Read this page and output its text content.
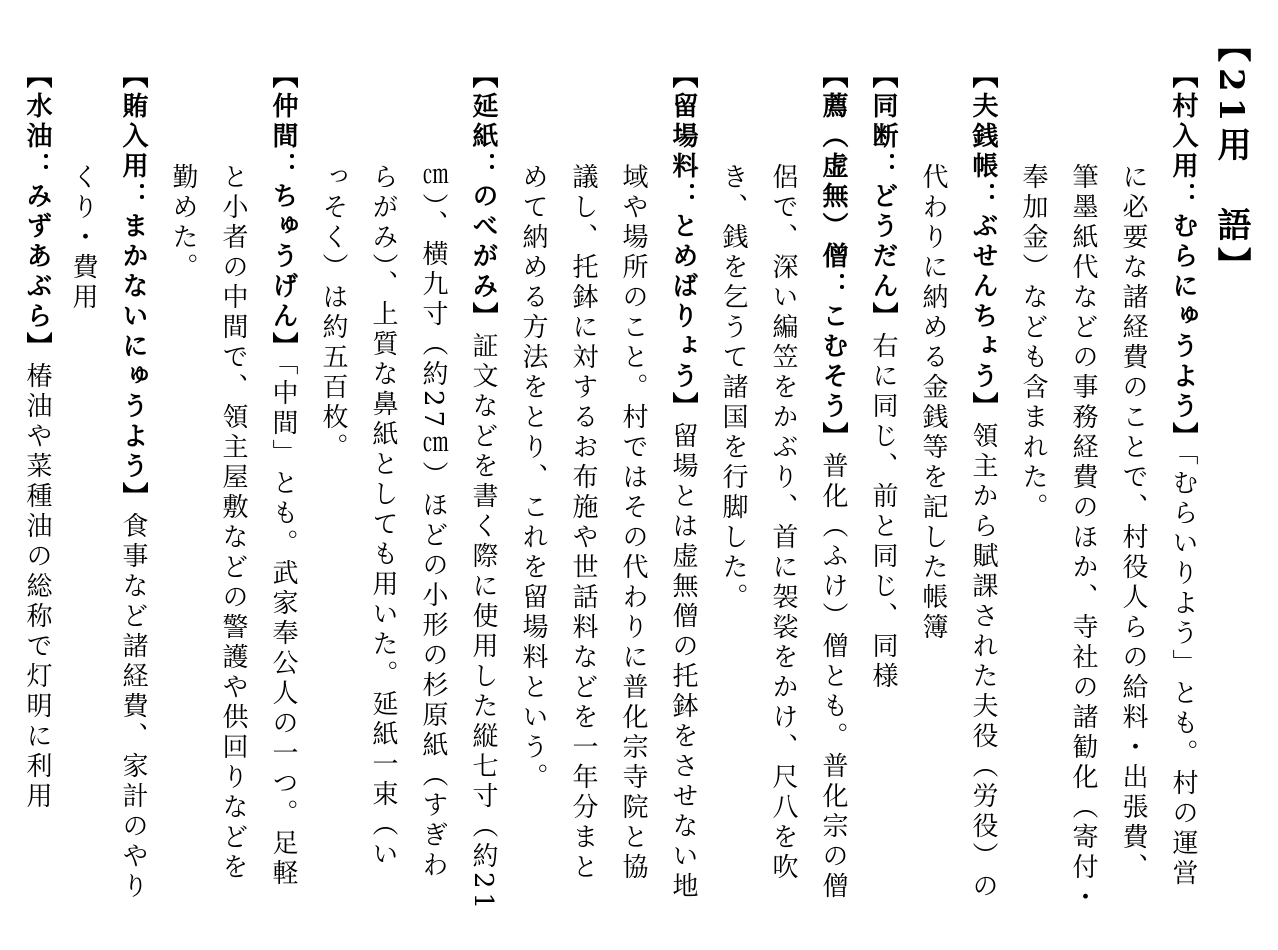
【21用　語】
【村入用：むらにゅうよう】「むらいりよう」とも。村の運営
に必要な諸経費のことで、村役人らの給料・出張費、
筆墨紙代などの事務経費のほか、寺社の諸勧化（寄付・
奉加金）なども含まれた。
【夫銭帳：ぶせんちょう】領主から賦課された夫役（労役）の
代わりに納める金銭等を記した帳簿
【同断：どうだん】右に同じ、前と同じ、同様
【薦（虚無）僧：こむそう】普化（ふけ）僧とも。普化宗の僧
侶で、深い編笠をかぶり、首に袈裟をかけ、尺八を吹
き、銭を乞うて諸国を行脚した。
【留場料：とめばりょう】留場とは虚無僧の托鉢をさせない地
域や場所のこと。村ではその代わりに普化宗寺院と協
議し、托鉢に対するお布施や世話料などを一年分まと
めて納める方法をとり、これを留場料という。
【延紙：のべがみ】証文などを書く際に使用した縦七寸（約21
㎝）、横九寸（約27㎝）ほどの小形の杉原紙（すぎわ
らがみ）、上質な鼻紙としても用いた。延紙一束（い
っそく）は約五百枚。
【仲間：ちゅうげん】「中間」とも。武家奉公人の一つ。足軽
と小者の中間で、領主屋敷などの警護や供回りなどを
勤めた。
【賄入用：まかないにゅうよう】食事など諸経費、家計のやり
くり・費用
【水油：みずあぶら】椿油や菜種油の総称で灯明に利用
